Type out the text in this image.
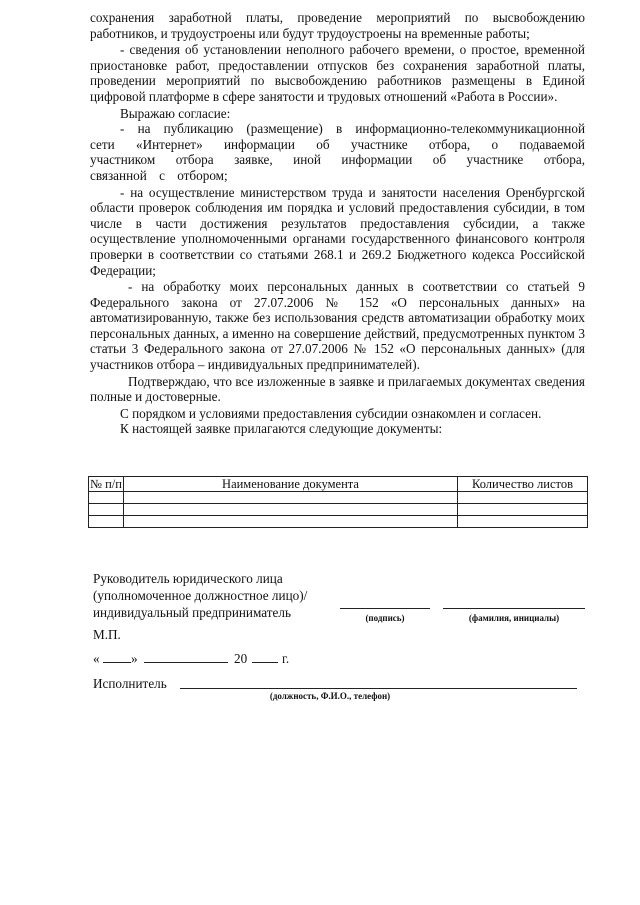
сохранения заработной платы, проведение мероприятий по высвобождению работников, и трудоустроены или будут трудоустроены на временные работы;

- сведения об установлении неполного рабочего времени, о простое, временной приостановке работ, предоставлении отпусков без сохранения заработной платы, проведении мероприятий по высвобождению работников размещены в Единой цифровой платформе в сфере занятости и трудовых отношений «Работа в России».

Выражаю согласие:

- на публикацию (размещение) в информационно-телекоммуникационной сети «Интернет» информации об участнике отбора, о подаваемой участником отбора заявке, иной информации об участнике отбора, связанной с отбором;

- на осуществление министерством труда и занятости населения Оренбургской области проверок соблюдения им порядка и условий предоставления субсидии, в том числе в части достижения результатов предоставления субсидии, а также осуществление уполномоченными органами государственного финансового контроля проверки в соответствии со статьями 268.1 и 269.2 Бюджетного кодекса Российской Федерации;

- на обработку моих персональных данных в соответствии со статьей 9 Федерального закона от 27.07.2006 № 152 «О персональных данных» на автоматизированную, также без использования средств автоматизации обработку моих персональных данных, а именно на совершение действий, предусмотренных пунктом 3 статьи 3 Федерального закона от 27.07.2006 № 152 «О персональных данных» (для участников отбора – индивидуальных предпринимателей).

Подтверждаю, что все изложенные в заявке и прилагаемых документах сведения полные и достоверные.

С порядком и условиями предоставления субсидии ознакомлен и согласен.

К настоящей заявке прилагаются следующие документы:

№ п/п	Наименование документа	Количество листов

Руководитель юридического лица
(уполномоченное должностное лицо)/
индивидуальный предприниматель	(подпись)	(фамилия, инициалы)
М.П.
« »	20	г.
Исполнитель
(должность, Ф.И.О., телефон)
